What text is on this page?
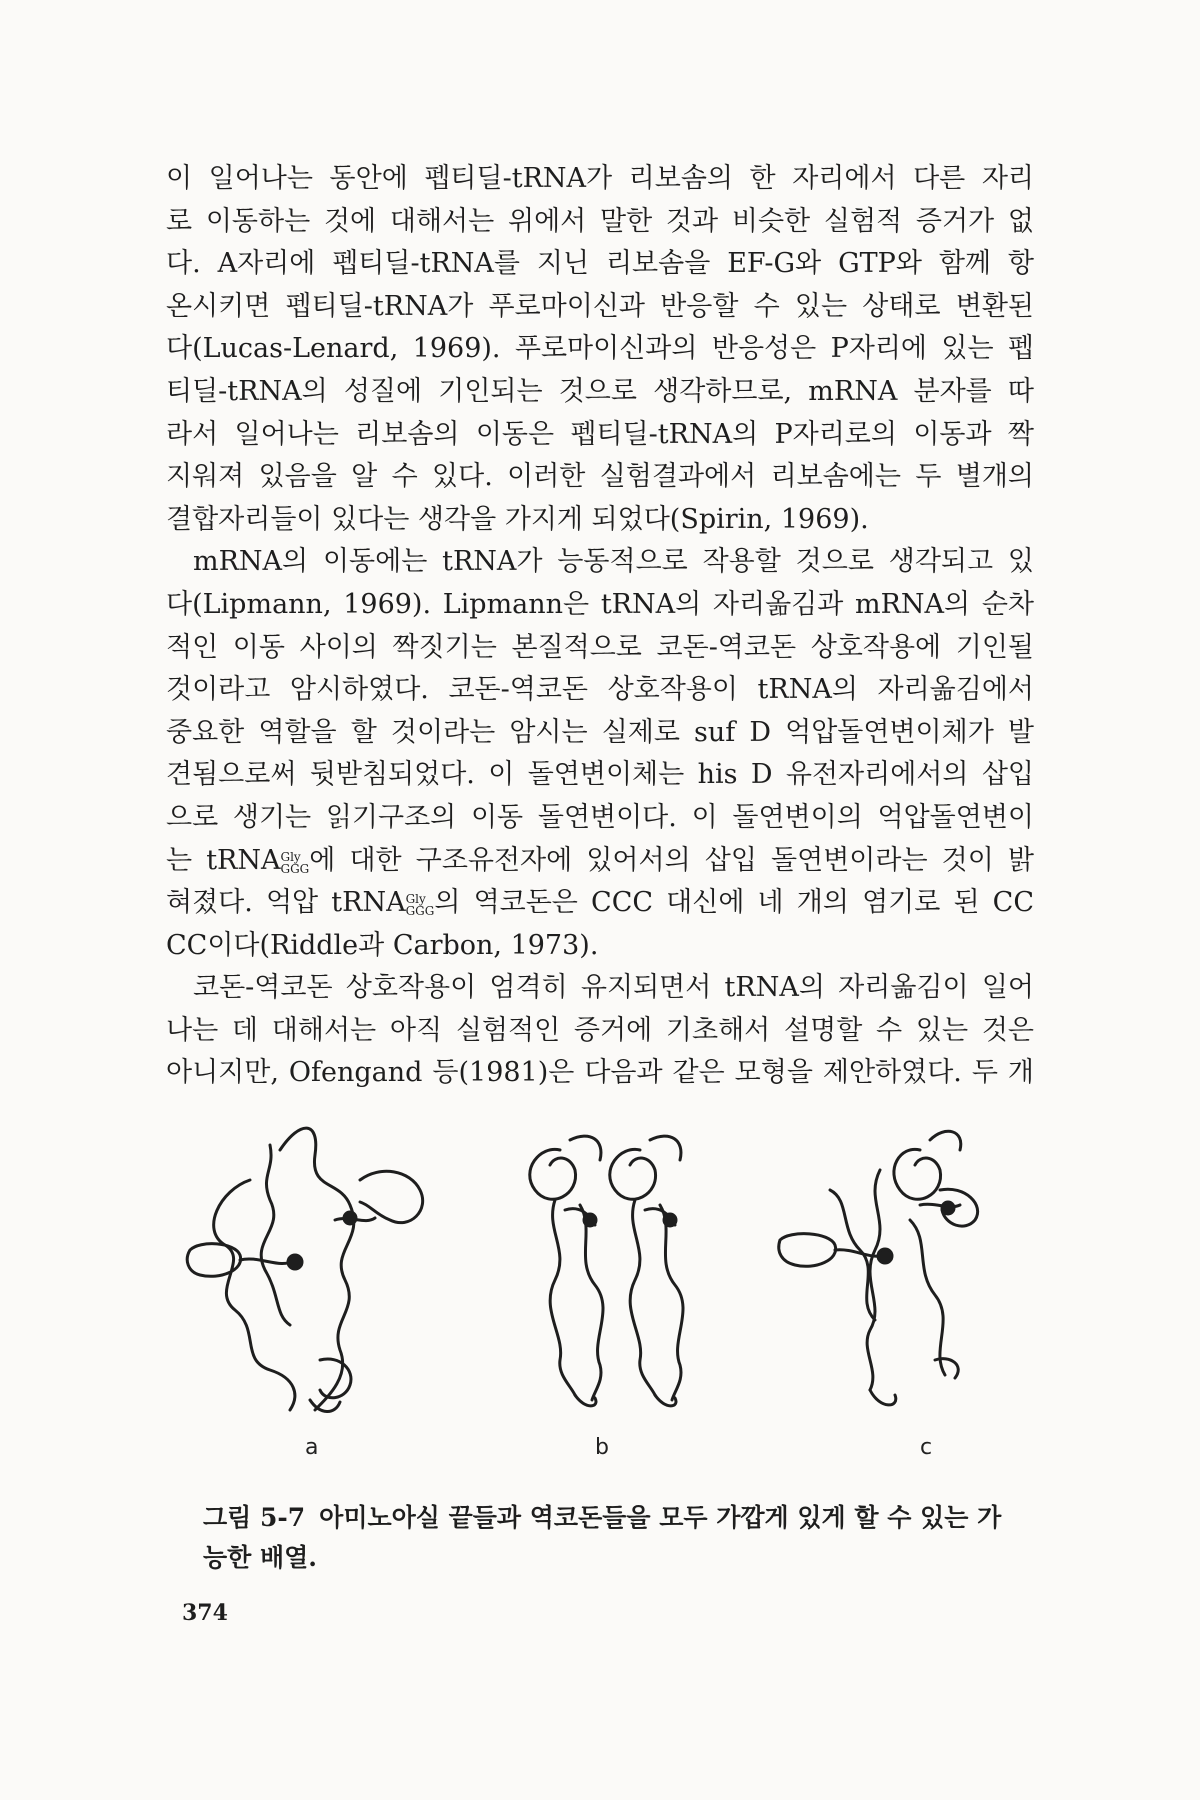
이 일어나는 동안에 펩티딜-tRNA가 리보솜의 한 자리에서 다른 자리

로 이동하는 것에 대해서는 위에서 말한 것과 비슷한 실험적 증거가 없

다. A자리에 펩티딜-tRNA를 지닌 리보솜을 EF-G와 GTP와 함께 항

온시키면 펩티딜-tRNA가 푸로마이신과 반응할 수 있는 상태로 변환된

다(Lucas-Lenard, 1969). 푸로마이신과의 반응성은 P자리에 있는 펩

티딜-tRNA의 성질에 기인되는 것으로 생각하므로, mRNA 분자를 따

라서 일어나는 리보솜의 이동은 펩티딜-tRNA의 P자리로의 이동과 짝

지워져 있음을 알 수 있다. 이러한 실험결과에서 리보솜에는 두 별개의

결합자리들이 있다는 생각을 가지게 되었다(Spirin, 1969).

mRNA의 이동에는 tRNA가 능동적으로 작용할 것으로 생각되고 있

다(Lipmann, 1969). Lipmann은 tRNA의 자리옮김과 mRNA의 순차

적인 이동 사이의 짝짓기는 본질적으로 코돈-역코돈 상호작용에 기인될

것이라고 암시하였다. 코돈-역코돈 상호작용이 tRNA의 자리옮김에서

중요한 역할을 할 것이라는 암시는 실제로 suf D 억압돌연변이체가 발

견됨으로써 뒷받침되었다. 이 돌연변이체는 his D 유전자리에서의 삽입

으로 생기는 읽기구조의 이동 돌연변이다. 이 돌연변이의 억압돌연변이

는 tRNA$^{Gly GGG}$에 대한 구조유전자에 있어서의 삽입 돌연변이라는 것이 밝

혀졌다. 억압 tRNA$^{Gly GGG}$의 역코돈은 CCC 대신에 네 개의 염기로 된 CC

CC이다(Riddle과 Carbon, 1973).

코돈-역코돈 상호작용이 엄격히 유지되면서 tRNA의 자리옮김이 일어

나는 데 대해서는 아직 실험적인 증거에 기초해서 설명할 수 있는 것은

아니지만, Ofengand 등(1981)은 다음과 같은 모형을 제안하였다. 두 개

a	b	c
그림 5-7 아미노아실 끝들과 역코돈들을 모두 가깝게 있게 할 수 있는 가능한 배열.
374
